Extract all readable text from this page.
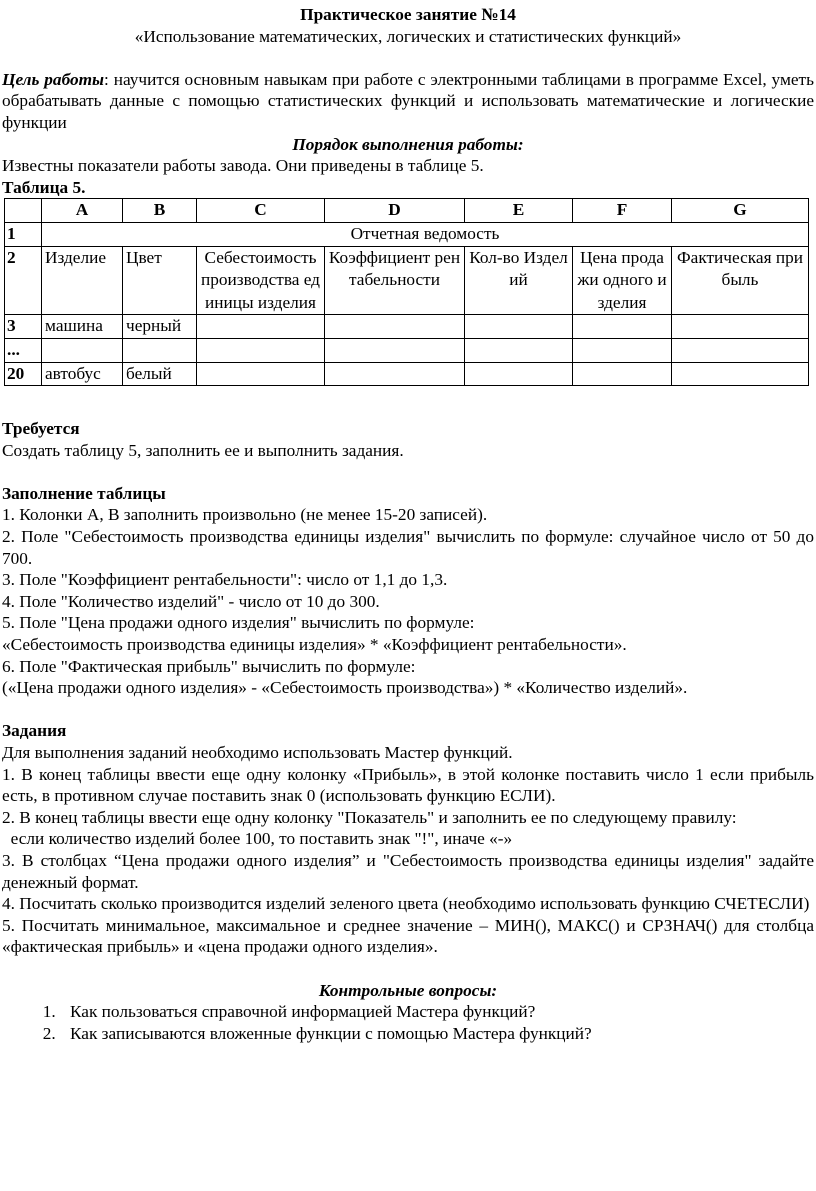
Практическое занятие №14

«Использование математических, логических и статистических функций»

Цель работы: научится основным навыкам при работе с электронными таблицами в программе Excel, уметь обрабатывать данные с помощью статистических функций и использовать математические и логические функции

Порядок выполнения работы:

Известны показатели работы завода. Они приведены в таблице 5.

Таблица 5.

	A	B	C	D	E	F	G
1	Отчетная ведомость						
2	Изделие	Цвет	Себестоимость производства единицы изделия	Коэффициент рентабельности	Кол-во Изделий	Цена продажи одного изделия	Фактическая прибыль
3	машина	черный					
...							
20	автобус	белый					

Требуется

Создать таблицу 5, заполнить ее и выполнить задания.

Заполнение таблицы

1. Колонки А, В заполнить произвольно (не менее 15-20 записей).

2. Поле "Себестоимость производства единицы изделия" вычислить по формуле: случайное число от 50 до 700.

3. Поле "Коэффициент рентабельности": число от 1,1 до 1,3.

4. Поле "Количество изделий" - число от 10 до 300.

5. Поле "Цена продажи одного изделия" вычислить по формуле:

«Себестоимость производства единицы изделия» * «Коэффициент рентабельности».

6. Поле "Фактическая прибыль" вычислить по формуле:

(«Цена продажи одного изделия» - «Себестоимость производства») * «Количество изделий».

Задания

Для выполнения заданий необходимо использовать Мастер функций.

1. В конец таблицы ввести еще одну колонку «Прибыль», в этой колонке поставить число 1 если прибыль есть, в противном случае поставить знак 0 (использовать функцию ЕСЛИ).

2. В конец таблицы ввести еще одну колонку "Показатель" и заполнить ее по следующему правилу:

если количество изделий более 100, то поставить знак "!", иначе «-»

3. В столбцах “Цена продажи одного изделия” и "Себестоимость производства единицы изделия" задайте денежный формат.

4. Посчитать сколько производится изделий зеленого цвета (необходимо использовать функцию СЧЕТЕСЛИ)

5. Посчитать минимальное, максимальное и среднее значение – МИН(), МАКС() и СРЗНАЧ() для столбца «фактическая прибыль» и «цена продажи одного изделия».

Контрольные вопросы:

1. Как пользоваться справочной информацией Мастера функций?
2. Как записываются вложенные функции с помощью Мастера функций?
